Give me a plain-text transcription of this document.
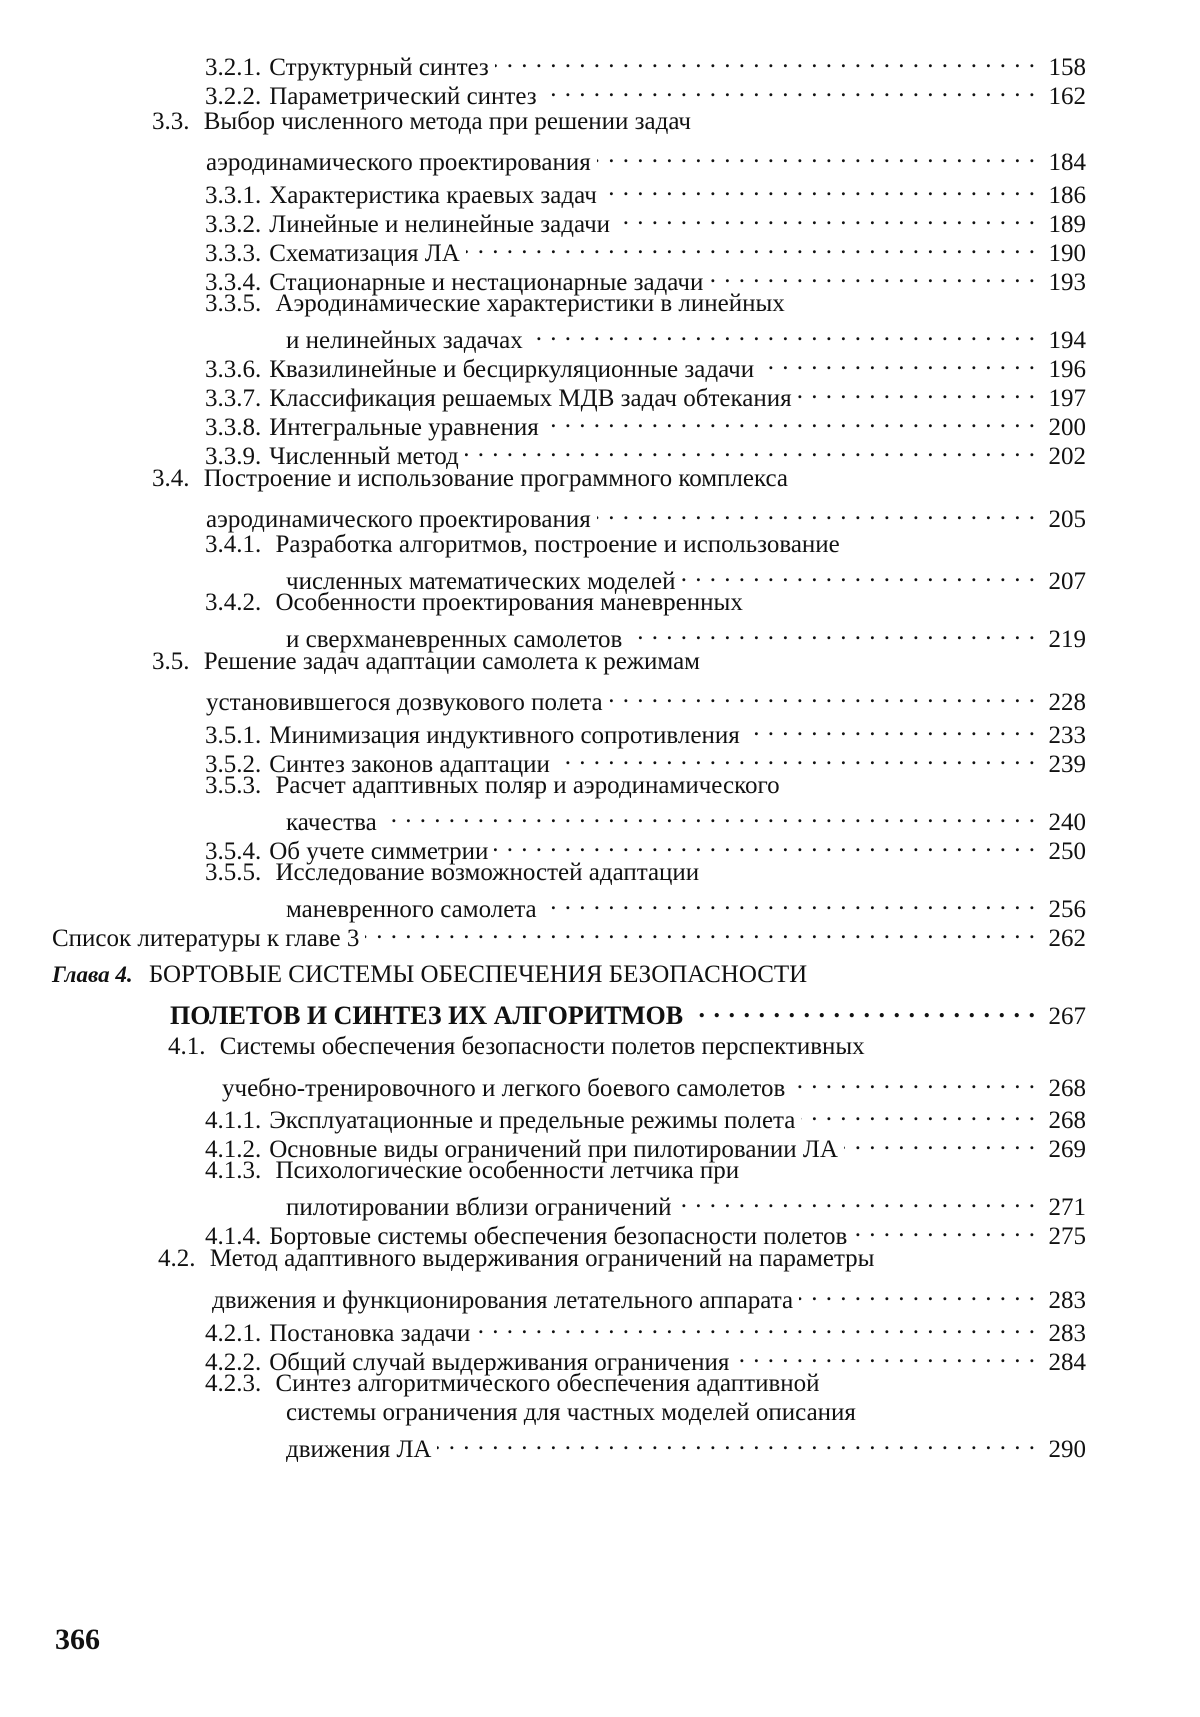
3.2.1. Структурный синтез . . .	158
3.2.2. Параметрический синтез . . .	162
3.3. Выбор численного метода при решении задач
аэродинамического проектирования . . .	184
3.3.1. Характеристика краевых задач . . .	186
3.3.2. Линейные и нелинейные задачи . . .	189
3.3.3. Схематизация ЛА . . .	190
3.3.4. Стационарные и нестационарные задачи . . .	193
3.3.5. Аэродинамические характеристики в линейных
и нелинейных задачах . . .	194
3.3.6. Квазилинейные и бесциркуляционные задачи . . .	196
3.3.7. Классификация решаемых МДВ задач обтекания . . .	197
3.3.8. Интегральные уравнения . . .	200
3.3.9. Численный метод . . .	202
3.4. Построение и использование программного комплекса
аэродинамического проектирования . . .	205
3.4.1. Разработка алгоритмов, построение и использование
численных математических моделей . . .	207
3.4.2. Особенности проектирования маневренных
и сверхманевренных самолетов . . .	219
3.5. Решение задач адаптации самолета к режимам
установившегося дозвукового полета . . .	228
3.5.1. Минимизация индуктивного сопротивления . . .	233
3.5.2. Синтез законов адаптации . . .	239
3.5.3. Расчет адаптивных поляр и аэродинамического
качества . . .	240
3.5.4. Об учете симметрии . . .	250
3.5.5. Исследование возможностей адаптации
маневренного самолета . . .	256
Список литературы к главе 3 . . .	262
Глава 4. БОРТОВЫЕ СИСТЕМЫ ОБЕСПЕЧЕНИЯ БЕЗОПАСНОСТИ
ПОЛЕТОВ И СИНТЕЗ ИХ АЛГОРИТМОВ . . .	267
4.1. Системы обеспечения безопасности полетов перспективных
учебно-тренировочного и легкого боевого самолетов . . .	268
4.1.1. Эксплуатационные и предельные режимы полета . . .	268
4.1.2. Основные виды ограничений при пилотировании ЛА . . .	269
4.1.3. Психологические особенности летчика при
пилотировании вблизи ограничений . . .	271
4.1.4. Бортовые системы обеспечения безопасности полетов . . .	275
4.2. Метод адаптивного выдерживания ограничений на параметры
движения и функционирования летательного аппарата . . .	283
4.2.1. Постановка задачи . . .	283
4.2.2. Общий случай выдерживания ограничения . . .	284
4.2.3. Синтез алгоритмического обеспечения адаптивной
системы ограничения для частных моделей описания
движения ЛА . . .	290
366
